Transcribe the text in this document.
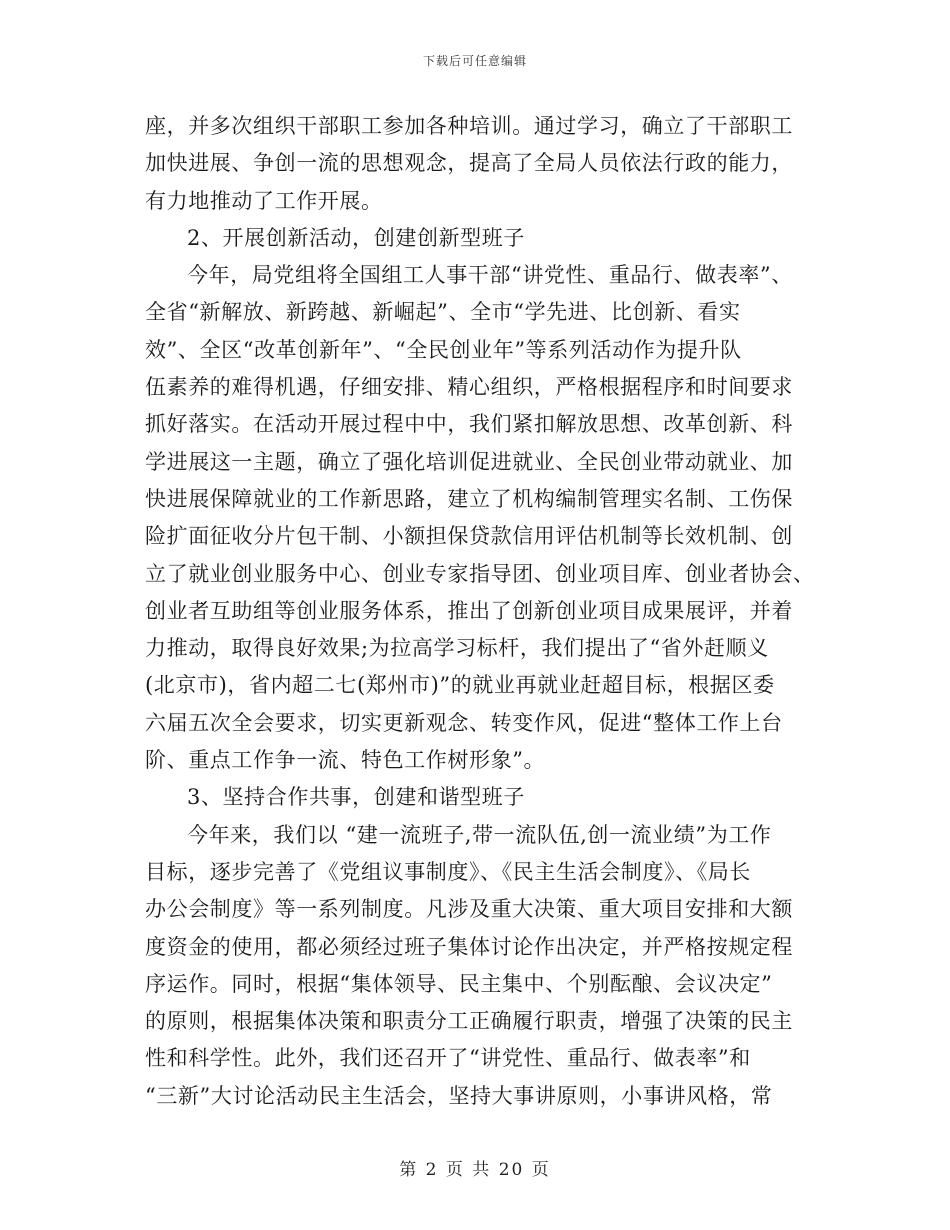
下载后可任意编辑
座，并多次组织干部职工参加各种培训。通过学习，确立了干部职工
加快进展、争创一流的思想观念，提高了全局人员依法行政的能力，
有力地推动了工作开展。
2、开展创新活动，创建创新型班子
今年，局党组将全国组工人事干部“讲党性、重品行、做表率”、
全省“新解放、新跨越、新崛起”、全市“学先进、比创新、看实
效”、全区“改革创新年”、“全民创业年”等系列活动作为提升队
伍素养的难得机遇，仔细安排、精心组织，严格根据程序和时间要求
抓好落实。在活动开展过程中中，我们紧扣解放思想、改革创新、科
学进展这一主题，确立了强化培训促进就业、全民创业带动就业、加
快进展保障就业的工作新思路，建立了机构编制管理实名制、工伤保
险扩面征收分片包干制、小额担保贷款信用评估机制等长效机制、创
立了就业创业服务中心、创业专家指导团、创业项目库、创业者协会、
创业者互助组等创业服务体系，推出了创新创业项目成果展评，并着
力推动，取得良好效果;为拉高学习标杆，我们提出了“省外赶顺义
(北京市)，省内超二七(郑州市)”的就业再就业赶超目标，根据区委
六届五次全会要求，切实更新观念、转变作风，促进“整体工作上台
阶、重点工作争一流、特色工作树形象”。
3、坚持合作共事，创建和谐型班子
今年来，我们以 “建一流班子,带一流队伍,创一流业绩”为工作
目标，逐步完善了《党组议事制度》、《民主生活会制度》、《局长
办公会制度》等一系列制度。凡涉及重大决策、重大项目安排和大额
度资金的使用，都必须经过班子集体讨论作出决定，并严格按规定程
序运作。同时，根据“集体领导、民主集中、个别酝酿、会议决定”
的原则，根据集体决策和职责分工正确履行职责，增强了决策的民主
性和科学性。此外，我们还召开了“讲党性、重品行、做表率”和
“三新”大讨论活动民主生活会，坚持大事讲原则，小事讲风格，常
第 2 页 共 20 页
